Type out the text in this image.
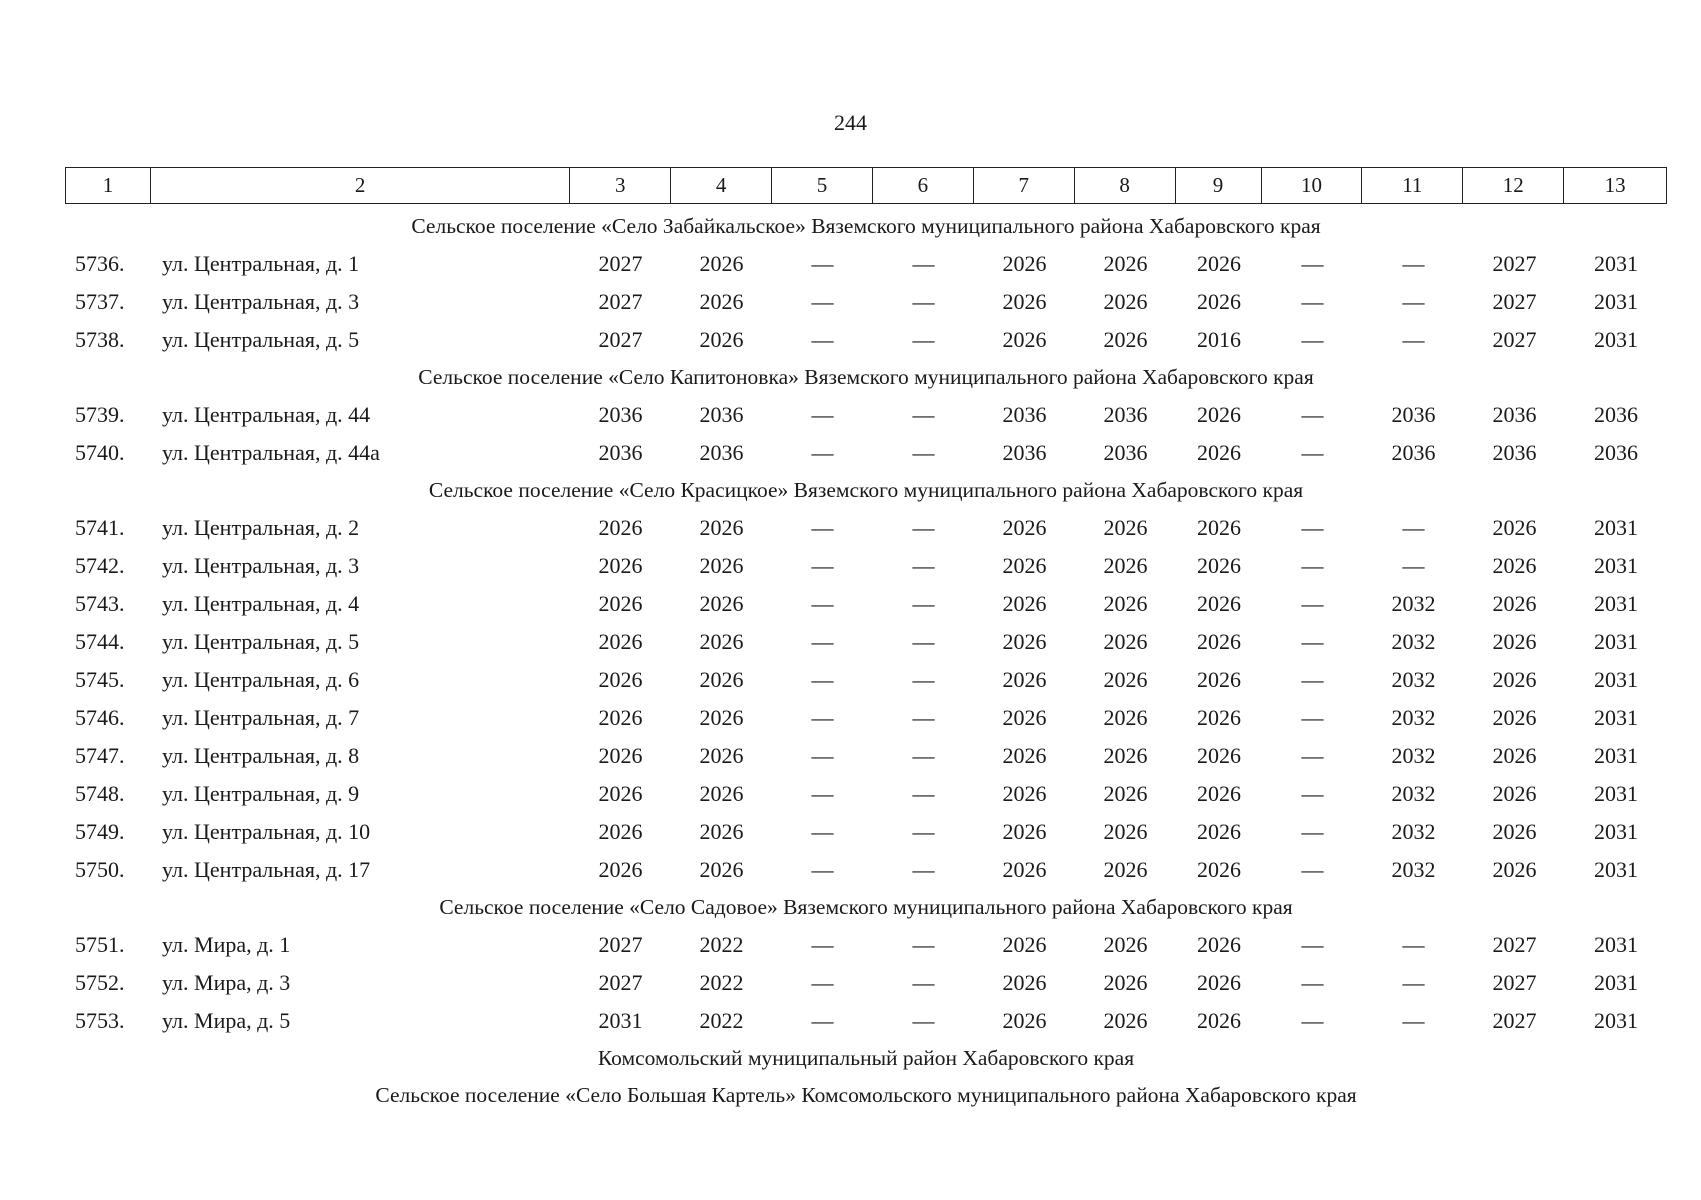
244
1	2	3	4	5	6	7	8	9	10	11	12	13
Сельское поселение «Село Забайкальское» Вяземского муниципального района Хабаровского края
5736.	ул. Центральная, д. 1	2027	2026	—	—	2026	2026	2026	—	—	2027	2031
5737.	ул. Центральная, д. 3	2027	2026	—	—	2026	2026	2026	—	—	2027	2031
5738.	ул. Центральная, д. 5	2027	2026	—	—	2026	2026	2016	—	—	2027	2031
Сельское поселение «Село Капитоновка» Вяземского муниципального района Хабаровского края
5739.	ул. Центральная, д. 44	2036	2036	—	—	2036	2036	2026	—	2036	2036	2036
5740.	ул. Центральная, д. 44а	2036	2036	—	—	2036	2036	2026	—	2036	2036	2036
Сельское поселение «Село Красицкое» Вяземского муниципального района Хабаровского края
5741.	ул. Центральная, д. 2	2026	2026	—	—	2026	2026	2026	—	—	2026	2031
5742.	ул. Центральная, д. 3	2026	2026	—	—	2026	2026	2026	—	—	2026	2031
5743.	ул. Центральная, д. 4	2026	2026	—	—	2026	2026	2026	—	2032	2026	2031
5744.	ул. Центральная, д. 5	2026	2026	—	—	2026	2026	2026	—	2032	2026	2031
5745.	ул. Центральная, д. 6	2026	2026	—	—	2026	2026	2026	—	2032	2026	2031
5746.	ул. Центральная, д. 7	2026	2026	—	—	2026	2026	2026	—	2032	2026	2031
5747.	ул. Центральная, д. 8	2026	2026	—	—	2026	2026	2026	—	2032	2026	2031
5748.	ул. Центральная, д. 9	2026	2026	—	—	2026	2026	2026	—	2032	2026	2031
5749.	ул. Центральная, д. 10	2026	2026	—	—	2026	2026	2026	—	2032	2026	2031
5750.	ул. Центральная, д. 17	2026	2026	—	—	2026	2026	2026	—	2032	2026	2031
Сельское поселение «Село Садовое» Вяземского муниципального района Хабаровского края
5751.	ул. Мира, д. 1	2027	2022	—	—	2026	2026	2026	—	—	2027	2031
5752.	ул. Мира, д. 3	2027	2022	—	—	2026	2026	2026	—	—	2027	2031
5753.	ул. Мира, д. 5	2031	2022	—	—	2026	2026	2026	—	—	2027	2031
Комсомольский муниципальный район Хабаровского края
Сельское поселение «Село Большая Картель» Комсомольского муниципального района Хабаровского края
